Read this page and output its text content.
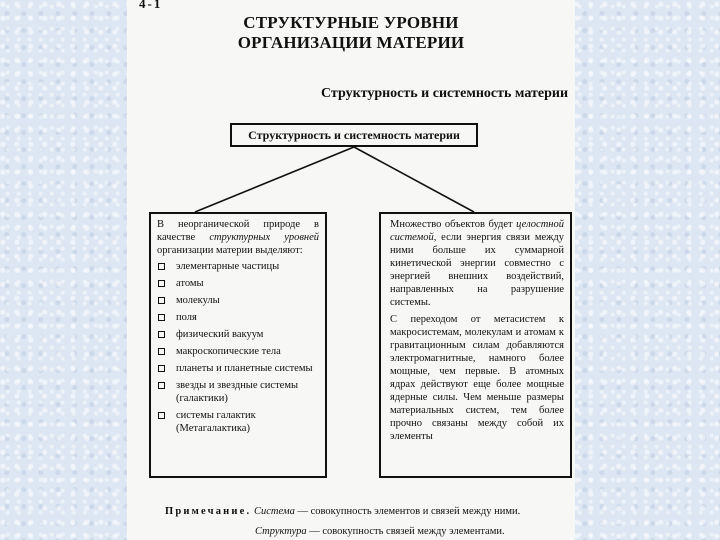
4-1
СТРУКТУРНЫЕ УРОВНИ
ОРГАНИЗАЦИИ МАТЕРИИ
Структурность и системность материи
Структурность и системность материи
В неорганической природе в качестве структурных уровней организации материи выделяют:
элементарные частицы
атомы
молекулы
поля
физический вакуум
макроскопические тела
планеты и планетные системы
звезды и звездные системы (галактики)
системы галактик (Метагалактика)
Множество объектов будет целостной системой, если энергия связи между ними больше их суммарной кинетической энергии совместно с энергией внешних воздействий, направленных на разрушение системы.
С переходом от метасистем к макросистемам, молекулам и атомам к гравитационным силам добавляются электромагнитные, намного более мощные, чем первые. В атомных ядрах действуют еще более мощные ядерные силы. Чем меньше размеры материальных систем, тем более прочно связаны между собой их элементы
Примечание. Система — совокупность элементов и связей между ними.
Структура — совокупность связей между элементами.
